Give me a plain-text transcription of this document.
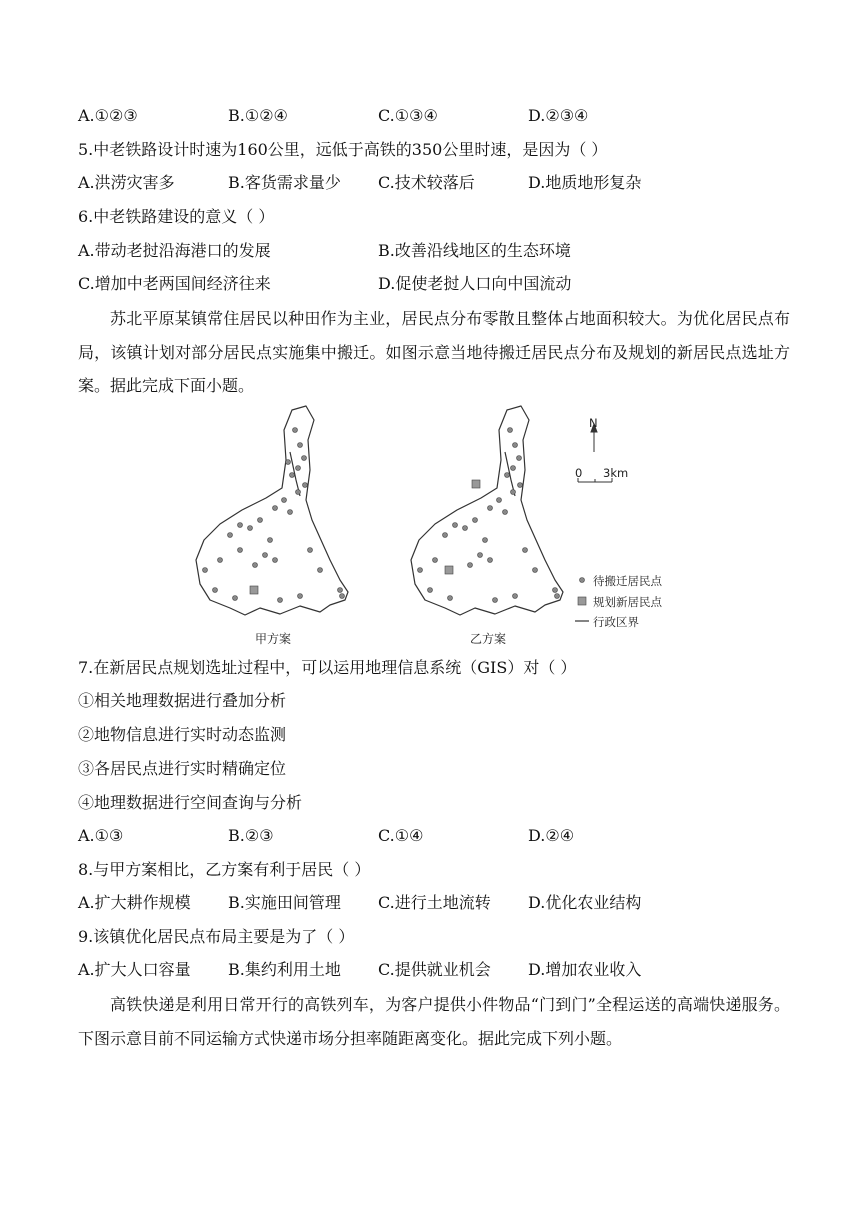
A.①②③	B.①②④	C.①③④	D.②③④
5.中老铁路设计时速为160公里，远低于高铁的350公里时速，是因为（ ）
A.洪涝灾害多	B.客货需求量少 C.技术较落后	D.地质地形复杂
6.中老铁路建设的意义（ ）
A.带动老挝沿海港口的发展	B.改善沿线地区的生态环境
C.增加中老两国间经济往来	D.促使老挝人口向中国流动
苏北平原某镇常住居民以种田作为主业，居民点分布零散且整体占地面积较大。为优化居民点布局，该镇计划对部分居民点实施集中搬迁。如图示意当地待搬迁居民点分布及规划的新居民点选址方案。据此完成下面小题。
N
0 3km
待搬迁居民点
规划新居民点
行政区界
甲方案	乙方案
7.在新居民点规划选址过程中，可以运用地理信息系统（GIS）对（ ）
①相关地理数据进行叠加分析
②地物信息进行实时动态监测
③各居民点进行实时精确定位
④地理数据进行空间查询与分析
A.①③	B.②③	C.①④	D.②④
8.与甲方案相比，乙方案有利于居民（ ）
A.扩大耕作规模 B.实施田间管理 C.进行土地流转 D.优化农业结构
9.该镇优化居民点布局主要是为了（ ）
A.扩大人口容量 B.集约利用土地 C.提供就业机会 D.增加农业收入
高铁快递是利用日常开行的高铁列车，为客户提供小件物品“门到门”全程运送的高端快递服务。下图示意目前不同运输方式快递市场分担率随距离变化。据此完成下列小题。
